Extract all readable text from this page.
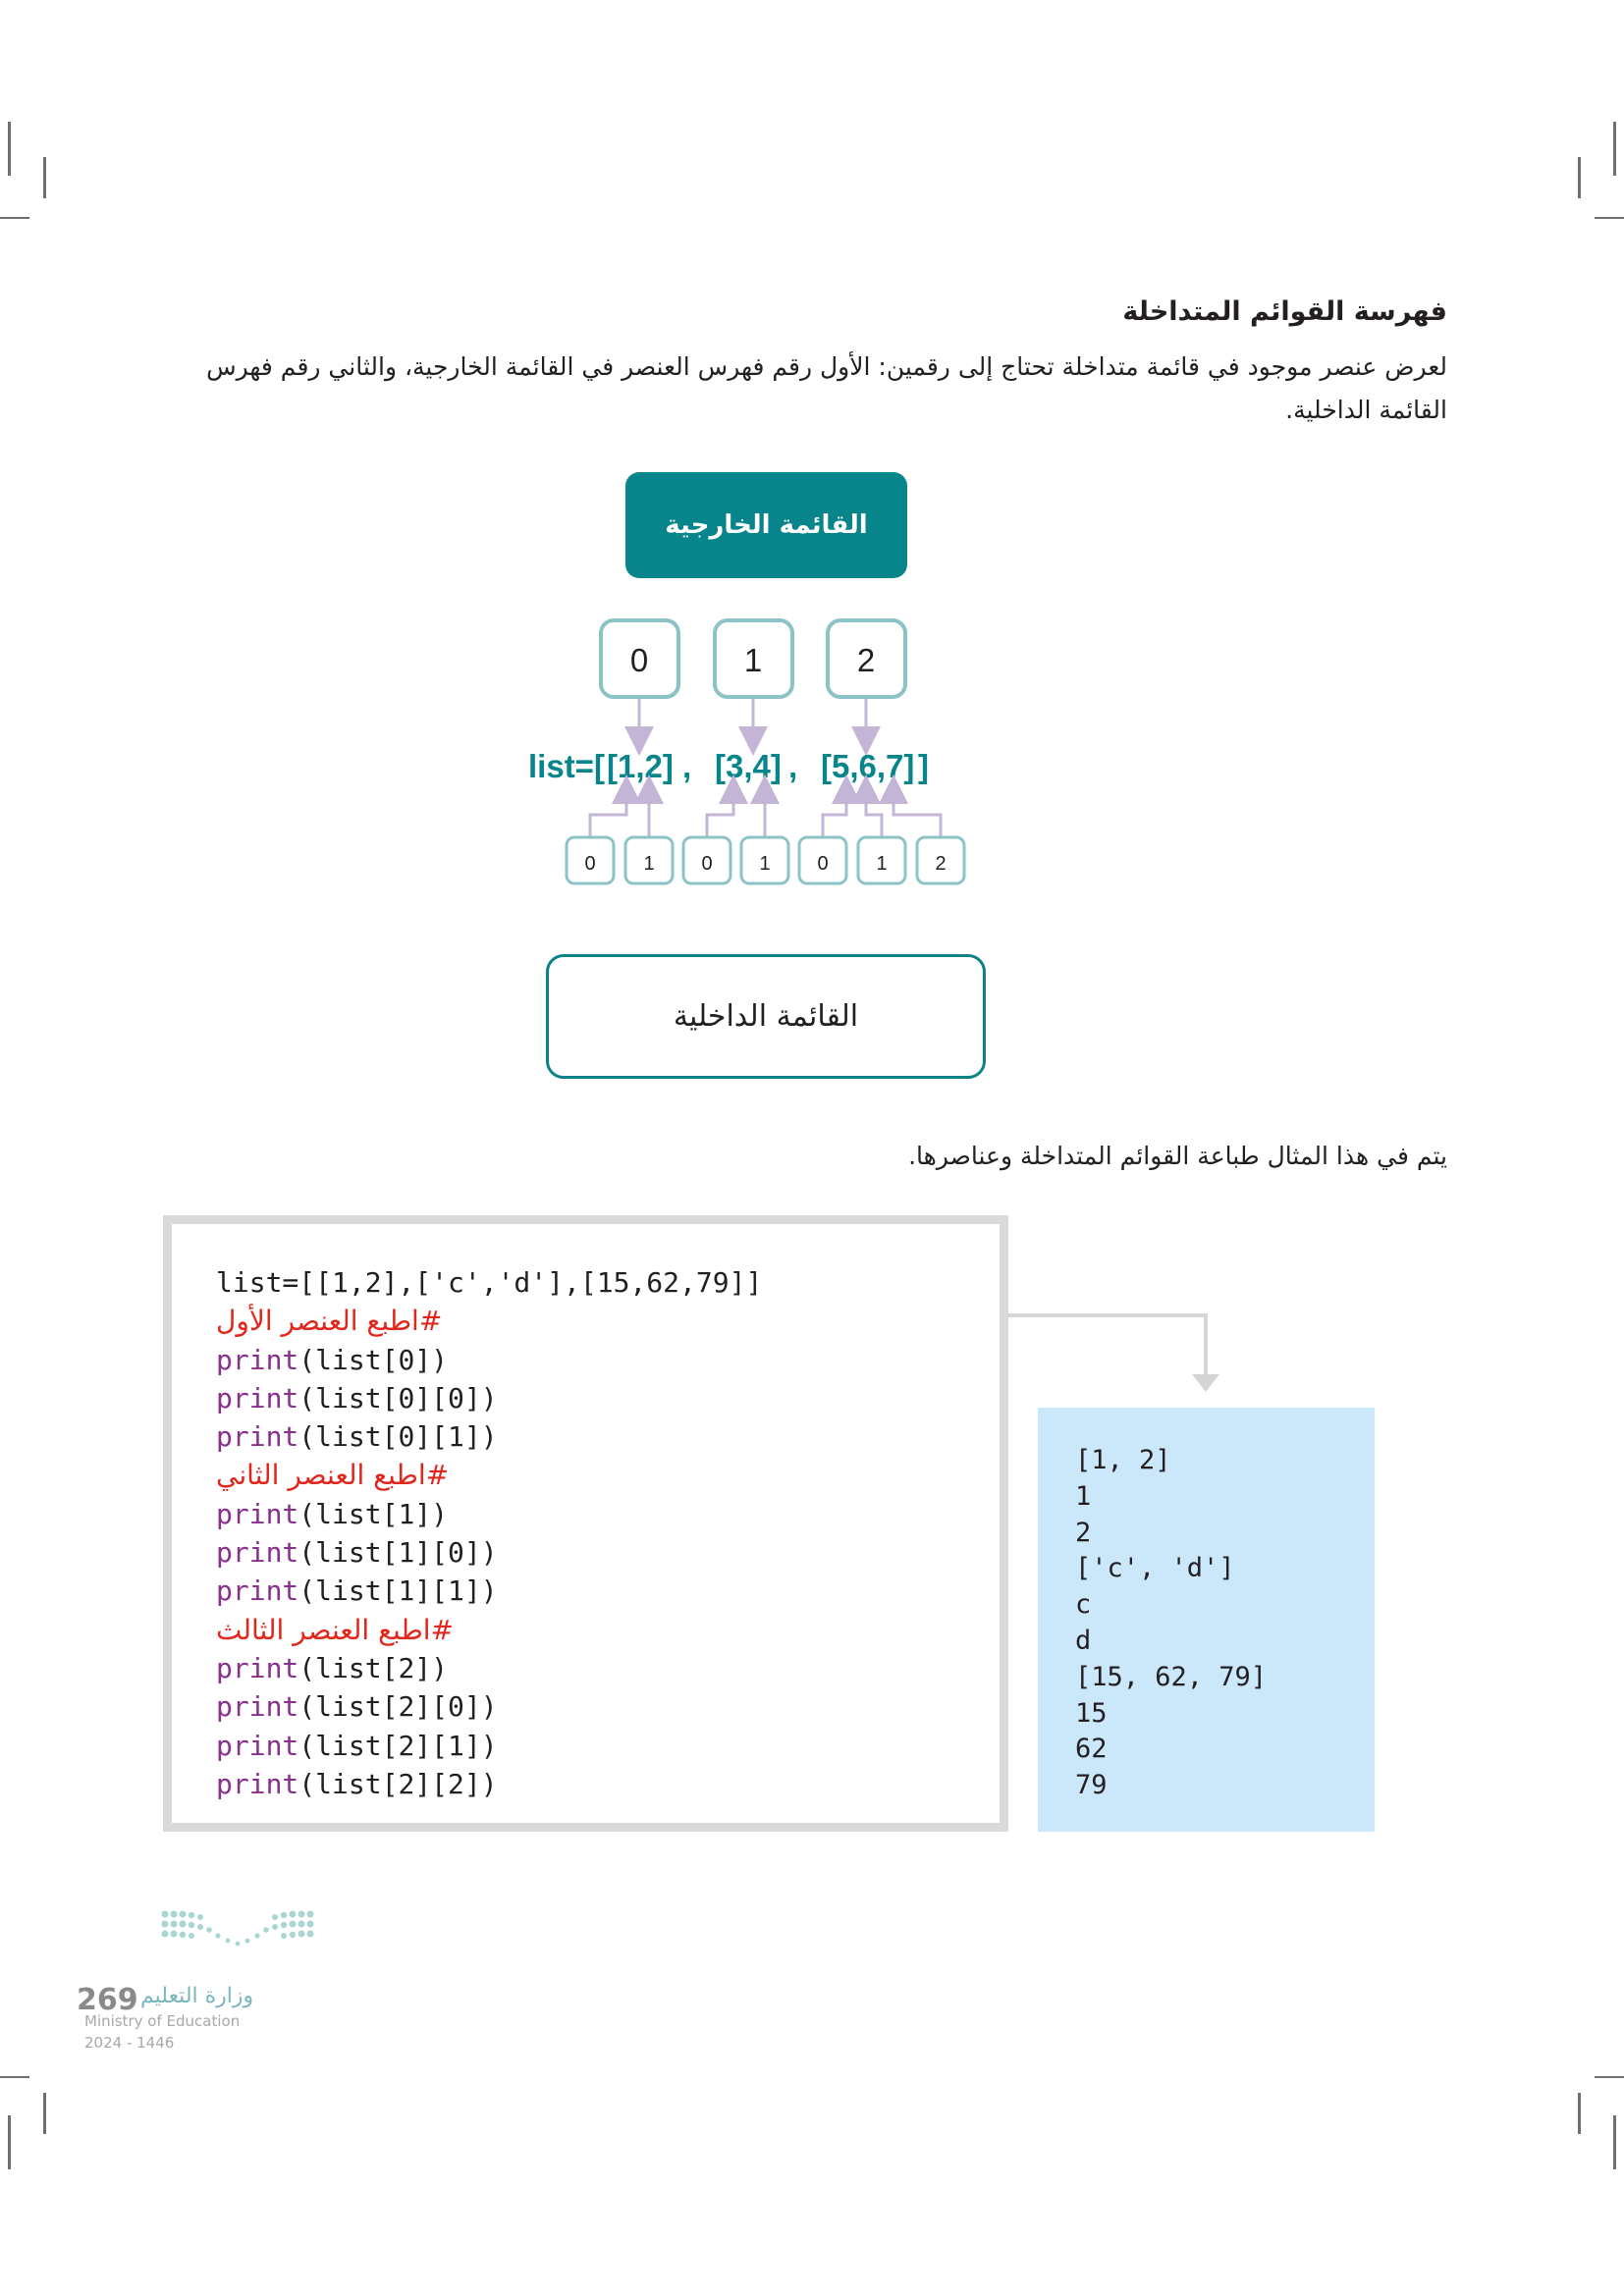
فهرسة القوائم المتداخلة

لعرض عنصر موجود في قائمة متداخلة تحتاج إلى رقمين: الأول رقم فهرس العنصر في القائمة الخارجية، والثاني رقم فهرس القائمة الداخلية.

القائمة الخارجية
0	1	2
list=[ [1,2] , [3,4] , [5,6,7] ]
0 1 0 1 0 1 2
القائمة الداخلية

يتم في هذا المثال طباعة القوائم المتداخلة وعناصرها.

list=[[1,2],['c','d'],[15,62,79]]
#اطبع العنصر الأول
print(list[0])
print(list[0][0])
print(list[0][1])
#اطبع العنصر الثاني
print(list[1])
print(list[1][0])
print(list[1][1])
#اطبع العنصر الثالث
print(list[2])
print(list[2][0])
print(list[2][1])
print(list[2][2])
[1, 2]
1
2
['c', 'd']
c
d
[15, 62, 79]
15
62
79
269 وزارة التعليم
Ministry of Education
2024 - 1446
